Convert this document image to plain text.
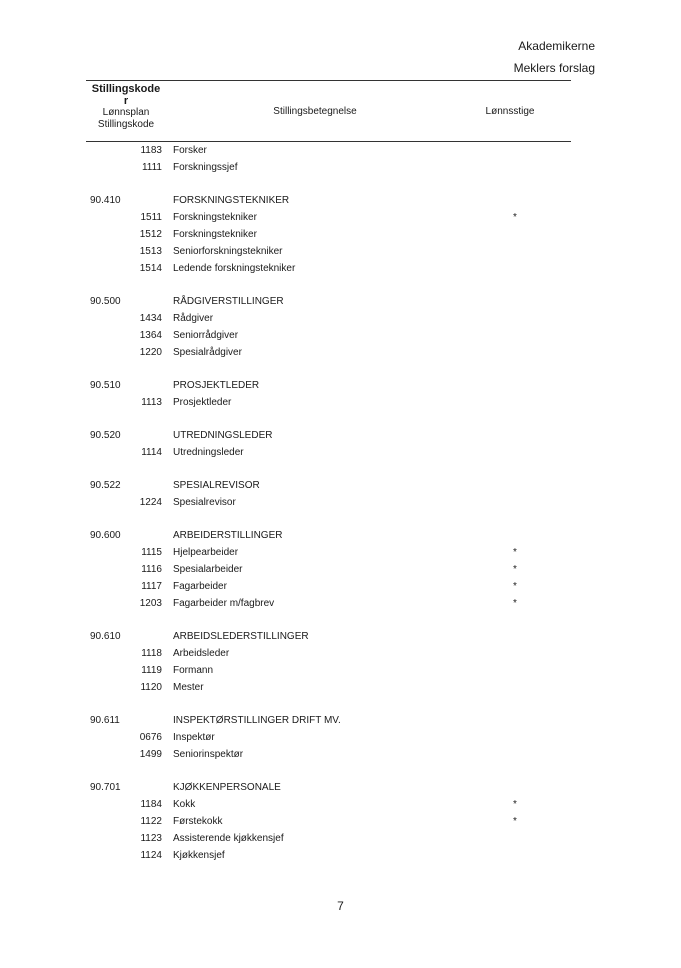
Akademikerne
Meklers forslag
Stillingskode
r
Lønnsplan
Stillingskode
Stillingsbetegnelse	Lønnsstige
1183 Forsker
1111 Forskningssjef
90.410	FORSKNINGSTEKNIKER
1511 Forskningstekniker	*
1512 Forskningstekniker
1513 Seniorforskningstekniker
1514 Ledende forskningstekniker
90.500	RÅDGIVERSTILLINGER
1434 Rådgiver
1364 Seniorrådgiver
1220 Spesialrådgiver
90.510	PROSJEKTLEDER
1113 Prosjektleder
90.520	UTREDNINGSLEDER
1114 Utredningsleder
90.522	SPESIALREVISOR
1224 Spesialrevisor
90.600	ARBEIDERSTILLINGER
1115 Hjelpearbeider	*
1116 Spesialarbeider	*
1117 Fagarbeider	*
1203 Fagarbeider m/fagbrev	*
90.610	ARBEIDSLEDERSTILLINGER
1118 Arbeidsleder
1119 Formann
1120 Mester
90.611	INSPEKTØRSTILLINGER DRIFT MV.
0676 Inspektør
1499 Seniorinspektør
90.701	KJØKKENPERSONALE
1184 Kokk	*
1122 Førstekokk	*
1123 Assisterende kjøkkensjef
1124 Kjøkkensjef
7
